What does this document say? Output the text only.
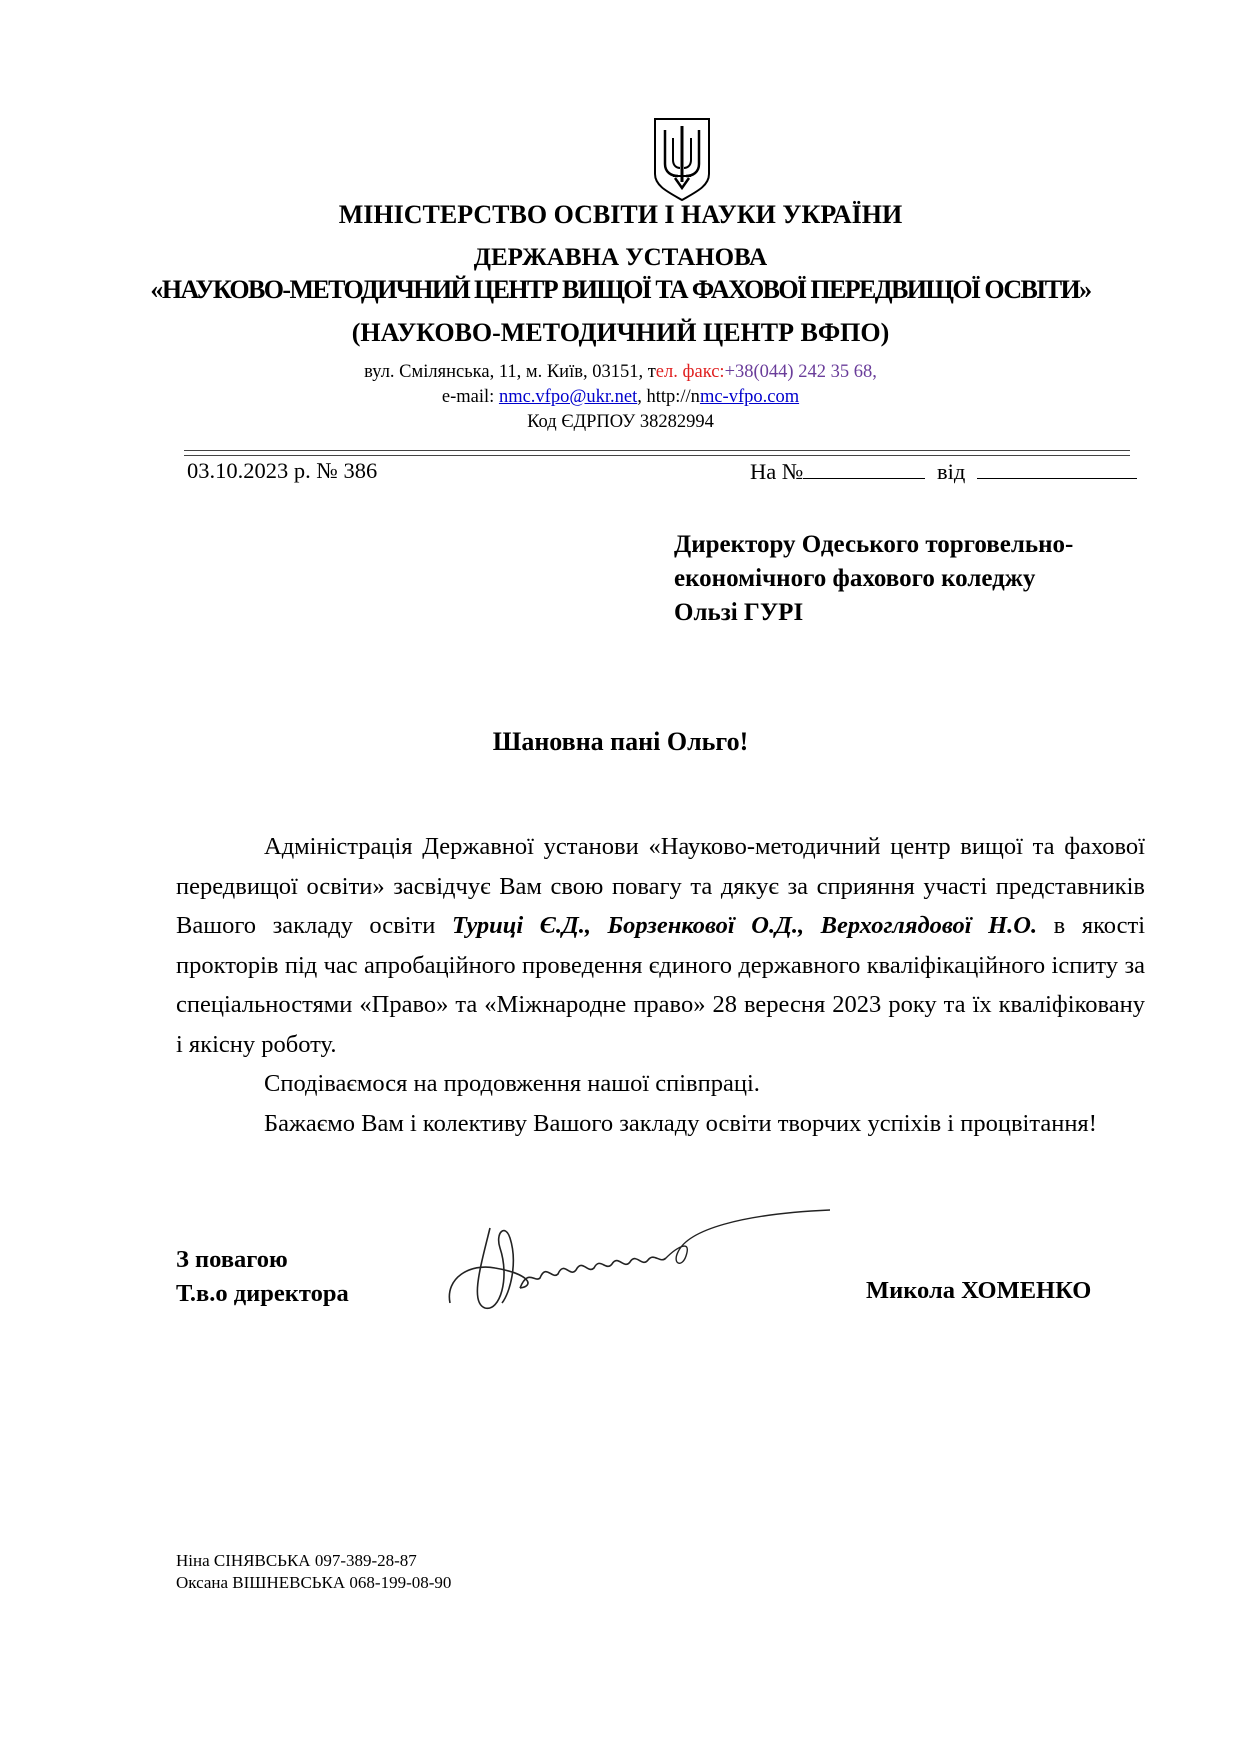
МІНІСТЕРСТВО ОСВІТИ І НАУКИ УКРАЇНИ
ДЕРЖАВНА УСТАНОВА
«НАУКОВО-МЕТОДИЧНИЙ ЦЕНТР ВИЩОЇ ТА ФАХОВОЇ ПЕРЕДВИЩОЇ ОСВІТИ»
(НАУКОВО-МЕТОДИЧНИЙ ЦЕНТР ВФПО)
вул. Смілянська, 11, м. Київ, 03151, тел. факс:+38(044) 242 35 68,
e-mail: nmc.vfpo@ukr.net, http://nmc-vfpo.com
Код ЄДРПОУ 38282994
03.10.2023 р. № 386	На №	від
Директору Одеського торговельно-
економічного фахового коледжу
Ользі ГУРІ
Шановна пані Ольго!

Адміністрація Державної установи «Науково-методичний центр вищої та фахової передвищої освіти» засвідчує Вам свою повагу та дякує за сприяння участі представників Вашого закладу освіти Туриці Є.Д., Борзенкової О.Д., Верхоглядової Н.О. в якості прокторів під час апробаційного проведення єдиного державного кваліфікаційного іспиту за спеціальностями «Право» та «Міжнародне право» 28 вересня 2023 року та їх кваліфіковану і якісну роботу.

Сподіваємося на продовження нашої співпраці.

Бажаємо Вам і колективу Вашого закладу освіти творчих успіхів і процвітання!

З повагою
Т.в.о директора	Микола ХОМЕНКО
Ніна СІНЯВСЬКА 097-389-28-87
Оксана ВІШНЕВСЬКА 068-199-08-90
